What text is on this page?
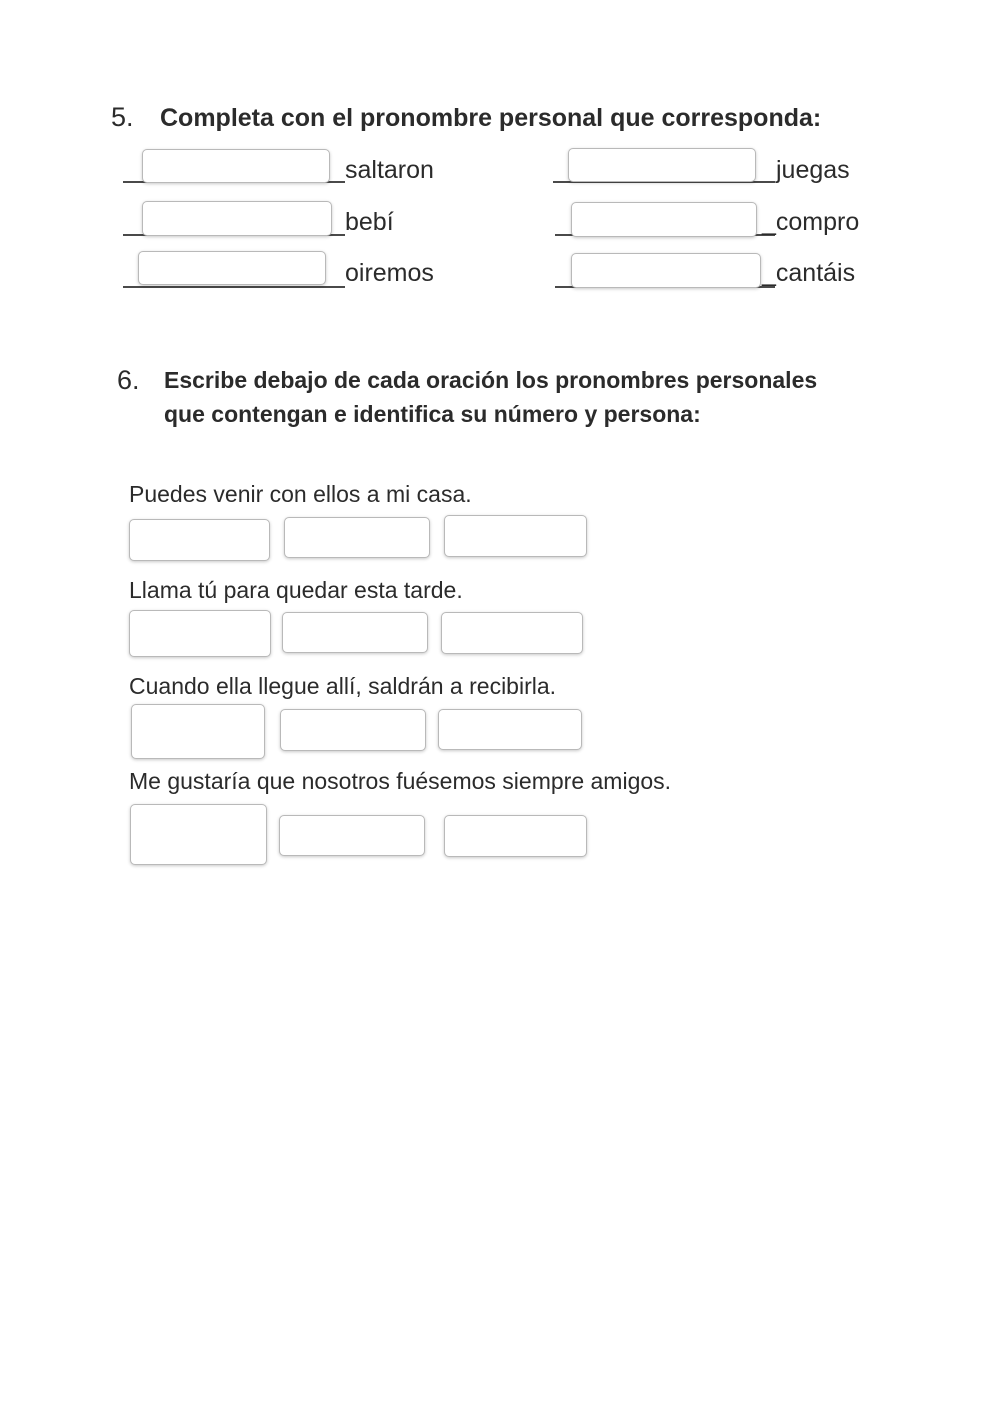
5. Completa con el pronombre personal que corresponda:
saltaron	juegas
bebí	_compro
oiremos	_cantáis
6. Escribe debajo de cada oración los pronombres personales
que contengan e identifica su número y persona:
Puedes venir con ellos a mi casa.
Llama tú para quedar esta tarde.
Cuando ella llegue allí, saldrán a recibirla.
Me gustaría que nosotros fuésemos siempre amigos.
